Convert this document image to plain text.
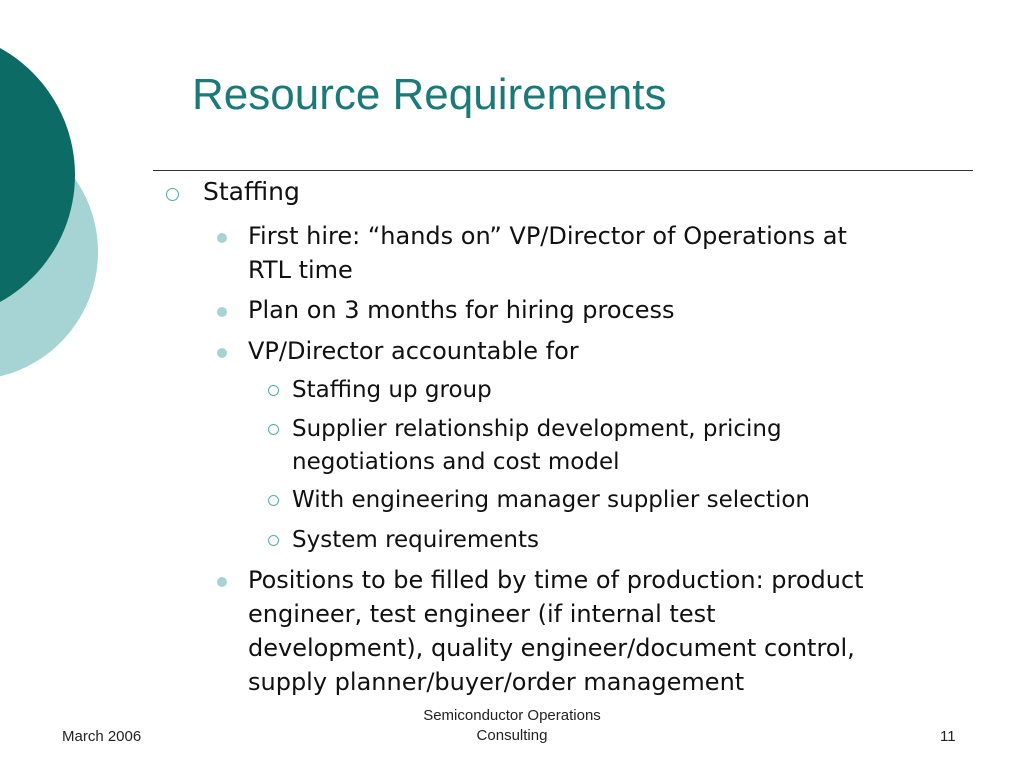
Resource Requirements
Staffing
First hire: “hands on” VP/Director of Operations at
RTL time
Plan on 3 months for hiring process
VP/Director accountable for
Staffing up group
Supplier relationship development, pricing
negotiations and cost model
With engineering manager supplier selection
System requirements
Positions to be filled by time of production: product
engineer, test engineer (if internal test
development), quality engineer/document control,
supply planner/buyer/order management
March 2006
Semiconductor Operations
Consulting	11
